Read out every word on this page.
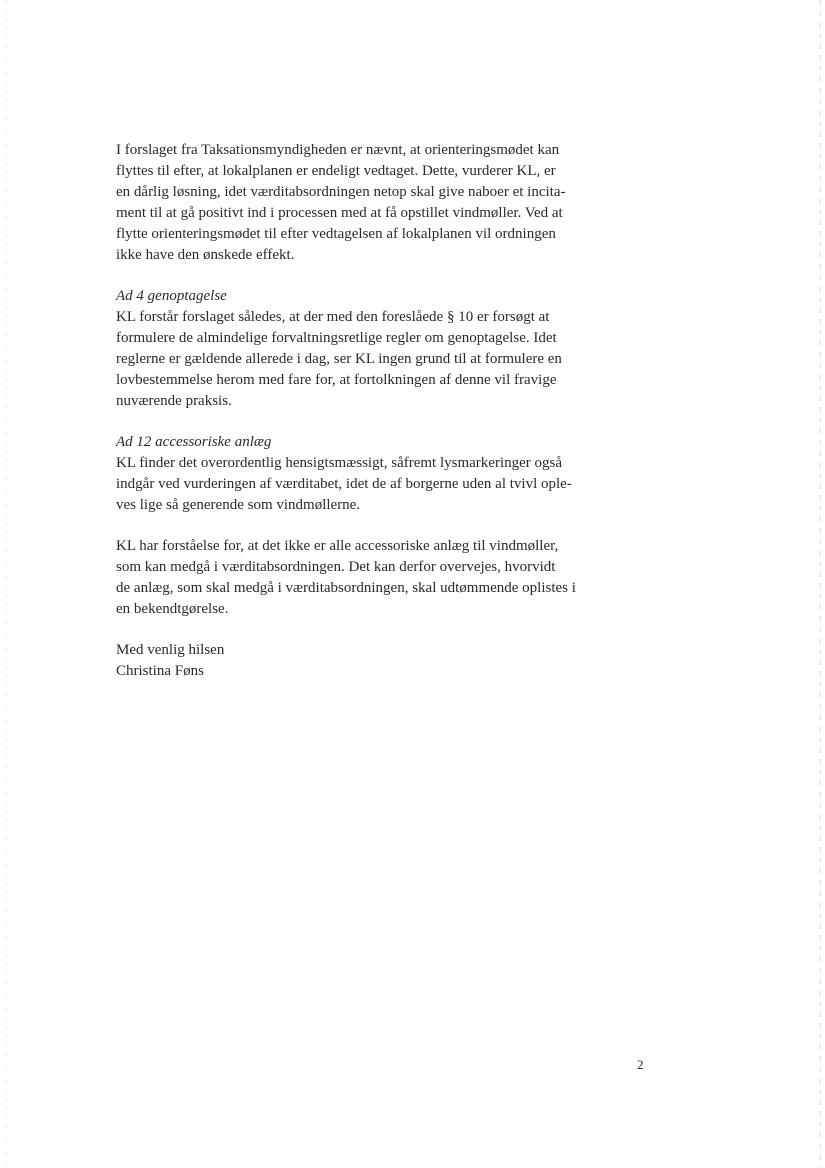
I forslaget fra Taksationsmyndigheden er nævnt, at orienteringsmødet kan
flyttes til efter, at lokalplanen er endeligt vedtaget. Dette, vurderer KL, er
en dårlig løsning, idet værditabsordningen netop skal give naboer et incita-
ment til at gå positivt ind i processen med at få opstillet vindmøller. Ved at
flytte orienteringsmødet til efter vedtagelsen af lokalplanen vil ordningen
ikke have den ønskede effekt.

Ad 4 genoptagelse

KL forstår forslaget således, at der med den foreslåede § 10 er forsøgt at
formulere de almindelige forvaltningsretlige regler om genoptagelse. Idet
reglerne er gældende allerede i dag, ser KL ingen grund til at formulere en
lovbestemmelse herom med fare for, at fortolkningen af denne vil fravige
nuværende praksis.

Ad 12 accessoriske anlæg

KL finder det overordentlig hensigtsmæssigt, såfremt lysmarkeringer også
indgår ved vurderingen af værditabet, idet de af borgerne uden al tvivl ople-
ves lige så generende som vindmøllerne.

KL har forståelse for, at det ikke er alle accessoriske anlæg til vindmøller,
som kan medgå i værditabsordningen. Det kan derfor overvejes, hvorvidt
de anlæg, som skal medgå i værditabsordningen, skal udtømmende oplistes i
en bekendtgørelse.

Med venlig hilsen

Christina Føns

2
